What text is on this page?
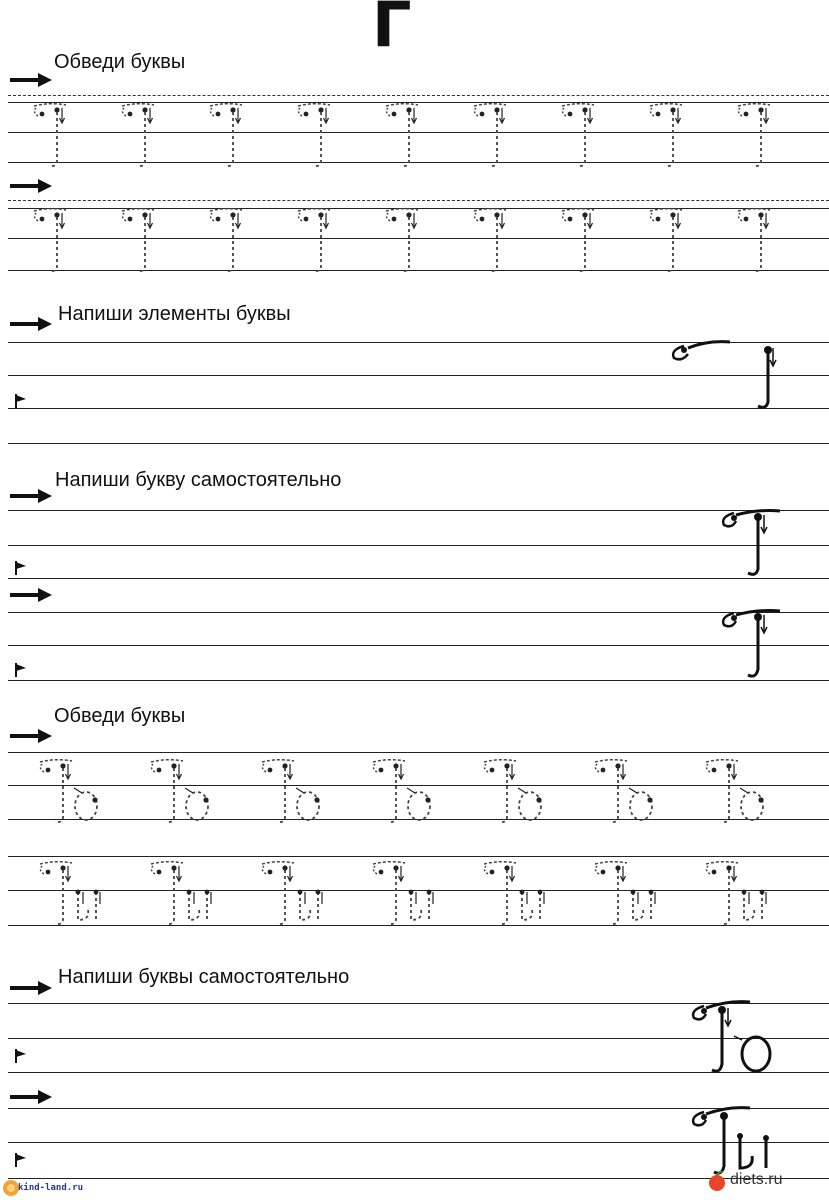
Г
Обведи буквы
Напиши элементы буквы
Напиши букву самостоятельно
Обведи буквы
Напиши буквы самостоятельно
kind-land.ru	diets.ru
